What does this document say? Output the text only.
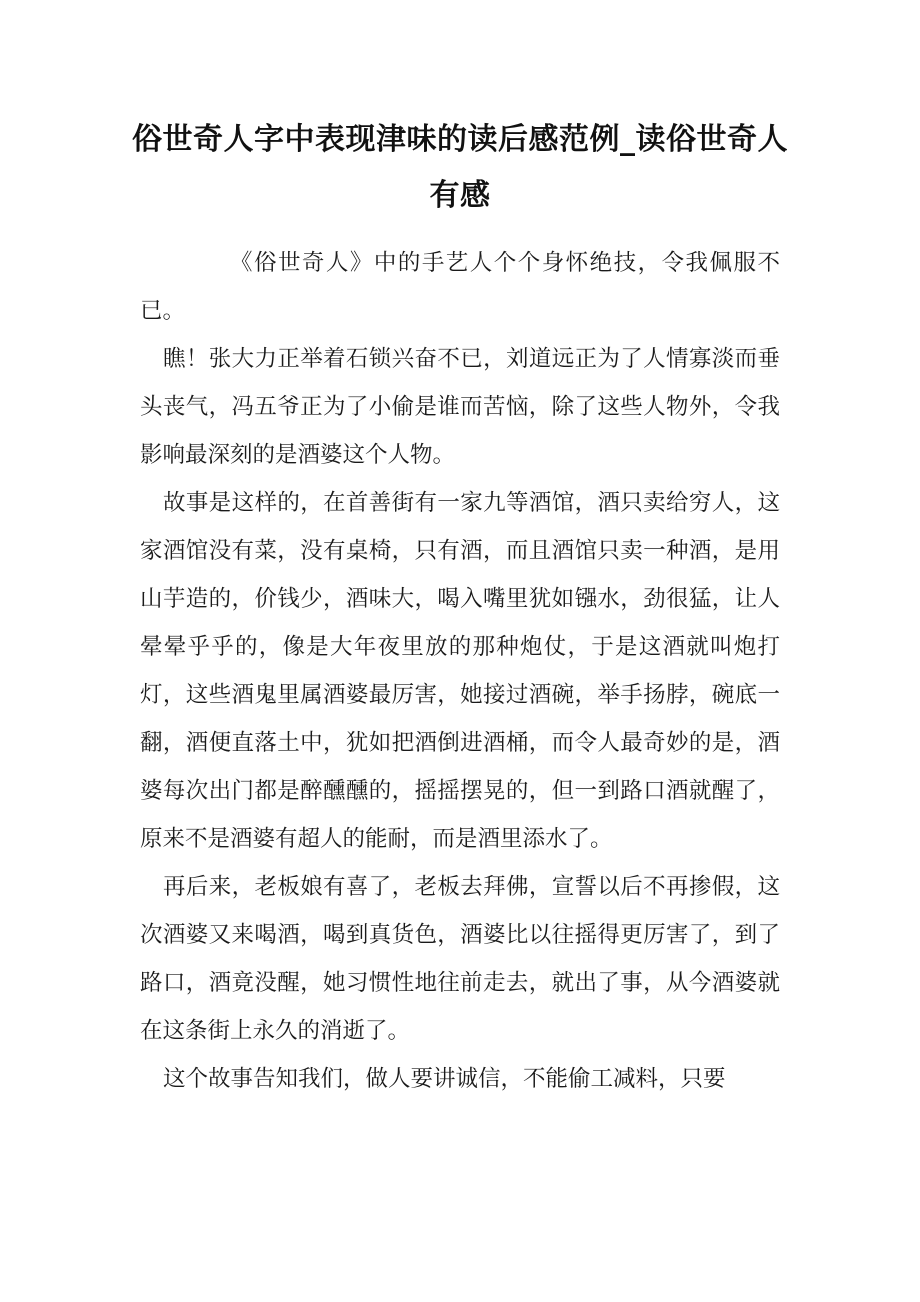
俗世奇人字中表现津味的读后感范例_读俗世奇人有感

《俗世奇人》中的手艺人个个身怀绝技，令我佩服不已。

瞧！张大力正举着石锁兴奋不已，刘道远正为了人情寡淡而垂头丧气，冯五爷正为了小偷是谁而苦恼，除了这些人物外，令我影响最深刻的是酒婆这个人物。

故事是这样的，在首善街有一家九等酒馆，酒只卖给穷人，这家酒馆没有菜，没有桌椅，只有酒，而且酒馆只卖一种酒，是用山芋造的，价钱少，酒味大，喝入嘴里犹如镪水，劲很猛，让人晕晕乎乎的，像是大年夜里放的那种炮仗，于是这酒就叫炮打灯，这些酒鬼里属酒婆最厉害，她接过酒碗，举手扬脖，碗底一翻，酒便直落土中，犹如把酒倒进酒桶，而令人最奇妙的是，酒婆每次出门都是醉醺醺的，摇摇摆晃的，但一到路口酒就醒了，原来不是酒婆有超人的能耐，而是酒里添水了。

再后来，老板娘有喜了，老板去拜佛，宣誓以后不再掺假，这次酒婆又来喝酒，喝到真货色，酒婆比以往摇得更厉害了，到了路口，酒竟没醒，她习惯性地往前走去，就出了事，从今酒婆就在这条街上永久的消逝了。

这个故事告知我们，做人要讲诚信，不能偷工减料，只要
